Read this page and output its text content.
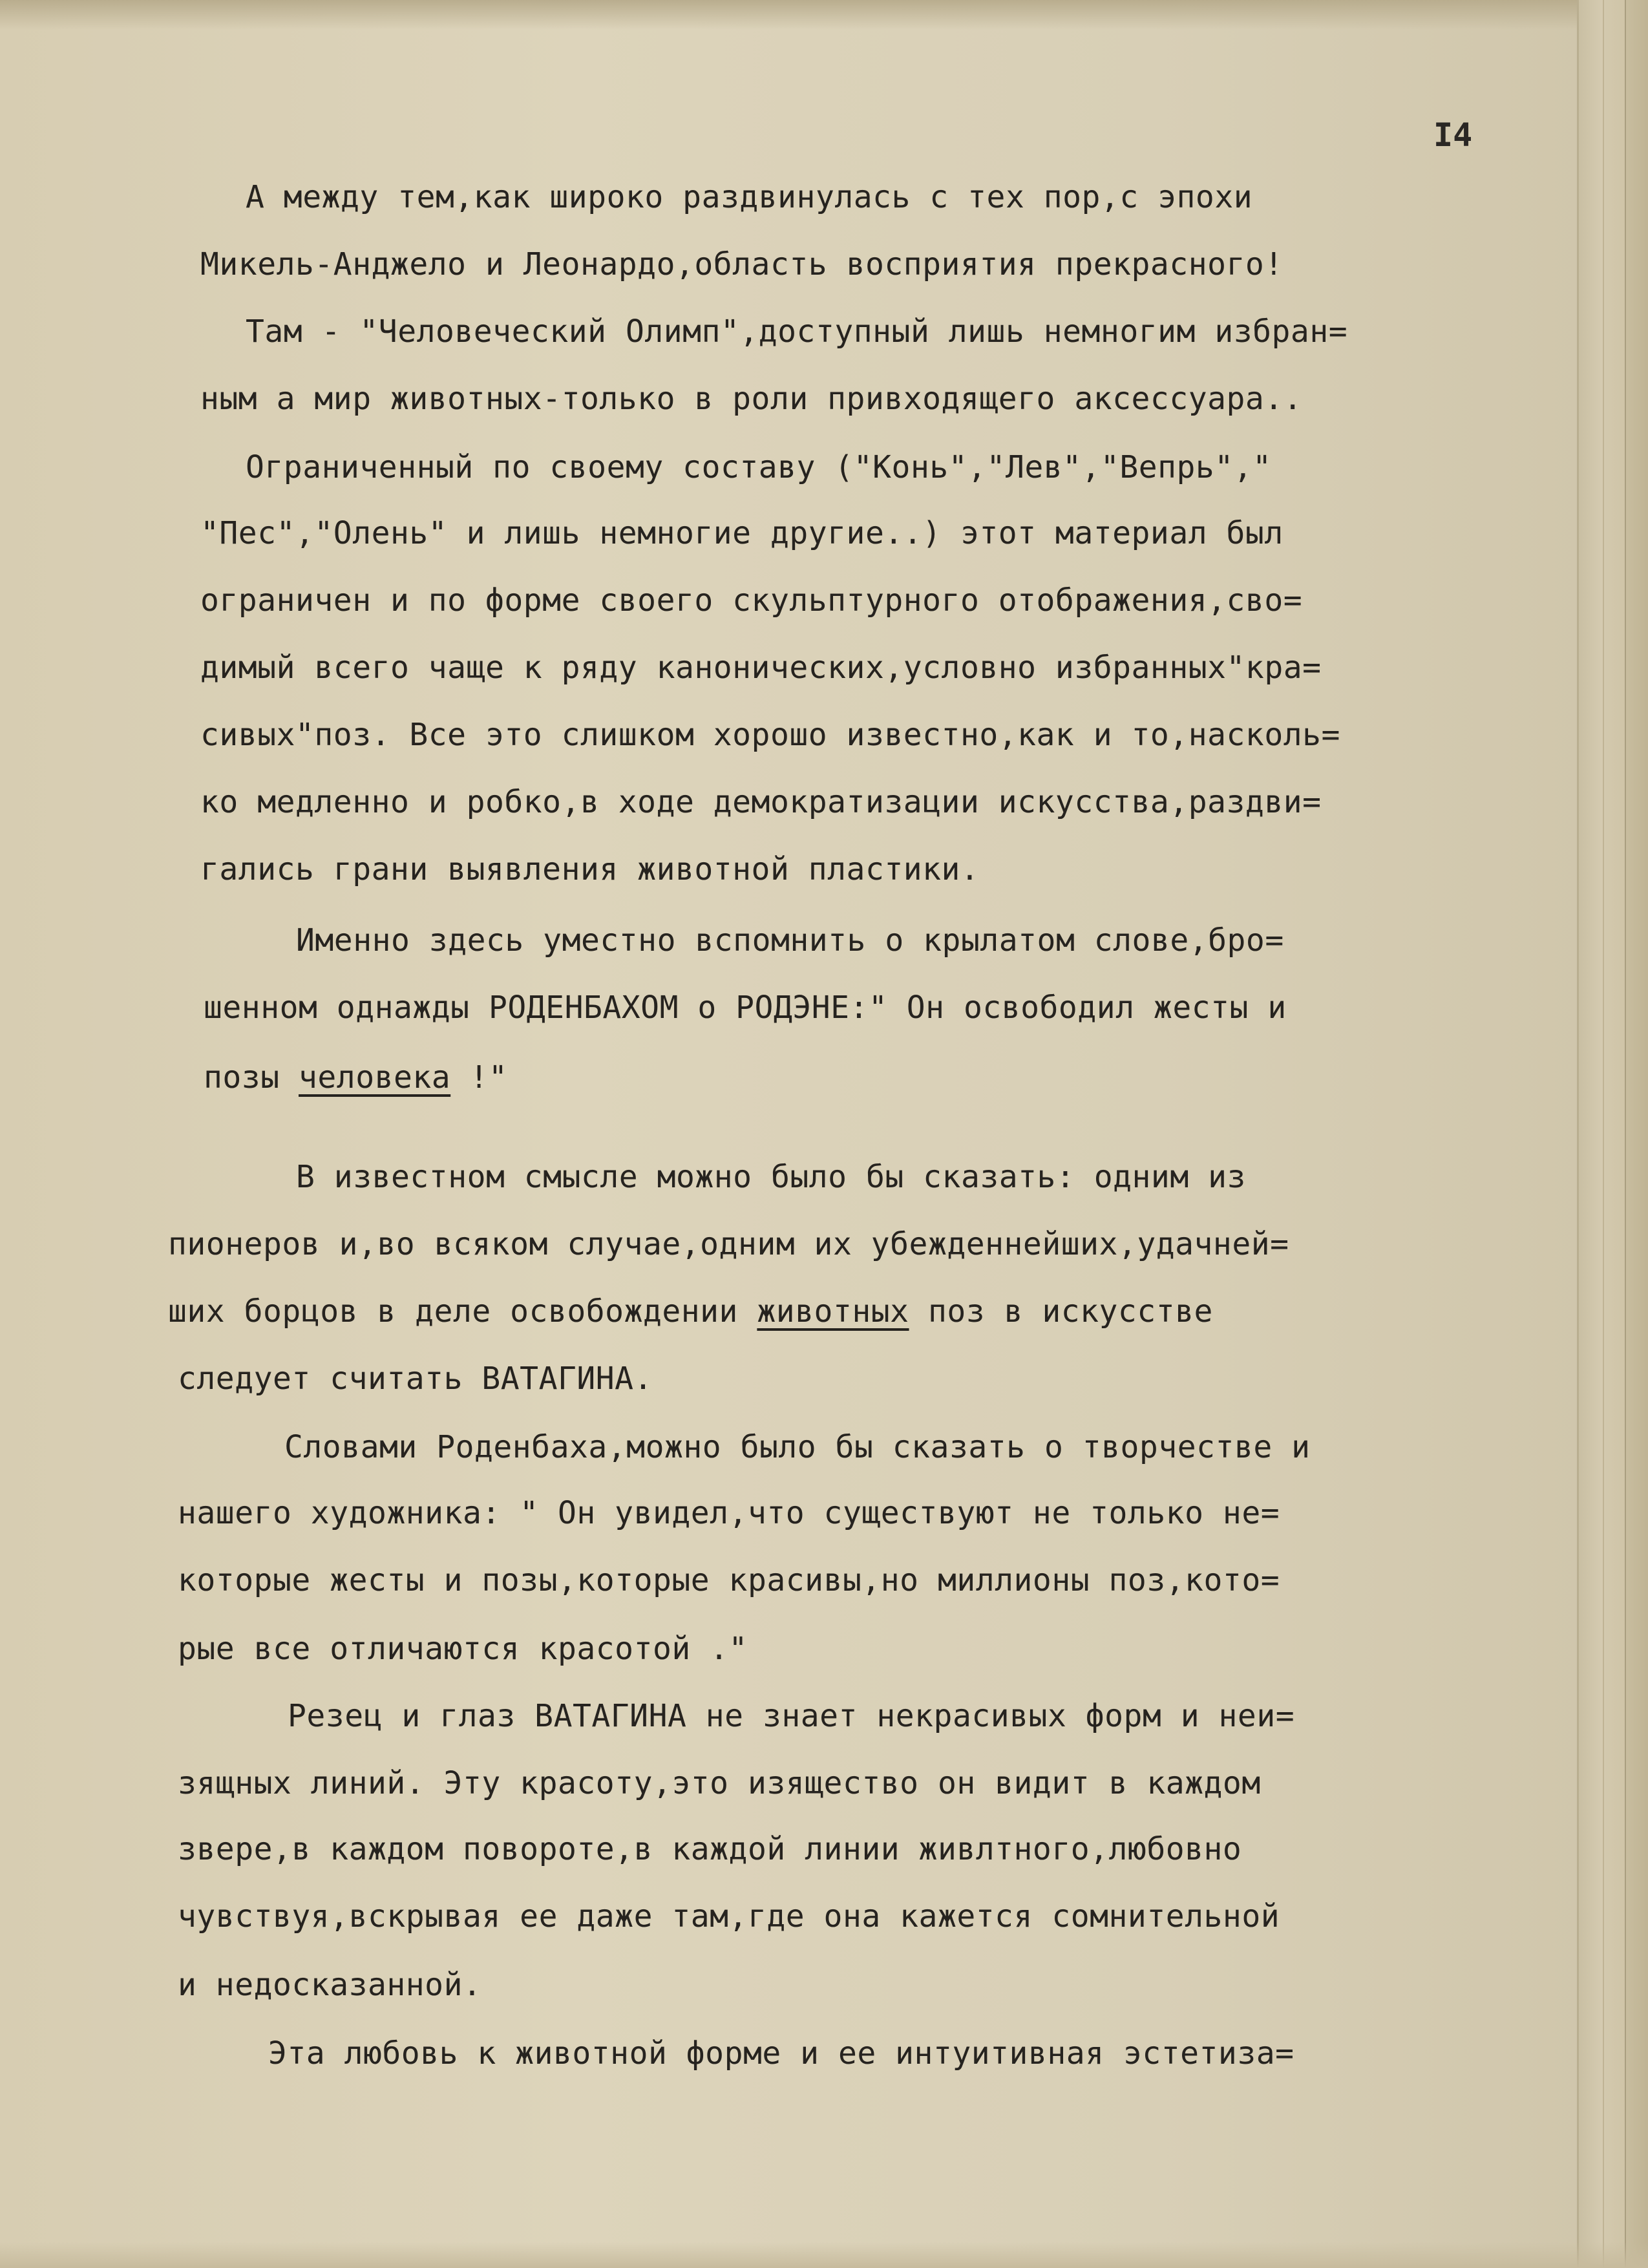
I4
А между тем,как широко раздвинулась с тех пор,с эпохи
Микель-Анджело и Леонардо,область восприятия прекрасного!
Там - "Человеческий Олимп",доступный лишь немногим избран=
ным а мир животных-только в роли привходящего аксессуара..
Ограниченный по своему составу ("Конь","Лев","Вепрь","
"Пес","Олень" и лишь немногие другие..) этот материал был
ограничен и по форме своего скульптурного отображения,сво=
димый всего чаще к ряду канонических,условно избранных"кра=
сивых"поз. Все это слишком хорошо известно,как и то,насколь=
ко медленно и робко,в ходе демократизации искусства,раздви=
гались грани выявления животной пластики.
Именно здесь уместно вспомнить о крылатом слове,бро=
шенном однажды РОДЕНБАХОМ о РОДЭНЕ:" Он освободил жесты и
позы человека !"
В известном смысле можно было бы сказать: одним из
пионеров и,во всяком случае,одним их убежденнейших,удачней=
ших борцов в деле освобождении животных поз в искусстве
следует считать ВАТАГИНА.
Словами Роденбаха,можно было бы сказать о творчестве и
нашего художника: " Он увидел,что существуют не только не=
которые жесты и позы,которые красивы,но миллионы поз,кото=
рые все отличаются красотой ."
Резец и глаз ВАТАГИНА не знает некрасивых форм и неи=
зящных линий. Эту красоту,это изящество он видит в каждом
звере,в каждом повороте,в каждой линии живлтного,любовно
чувствуя,вскрывая ее даже там,где она кажется сомнительной
и недосказанной.
Эта любовь к животной форме и ее интуитивная эстетиза=
